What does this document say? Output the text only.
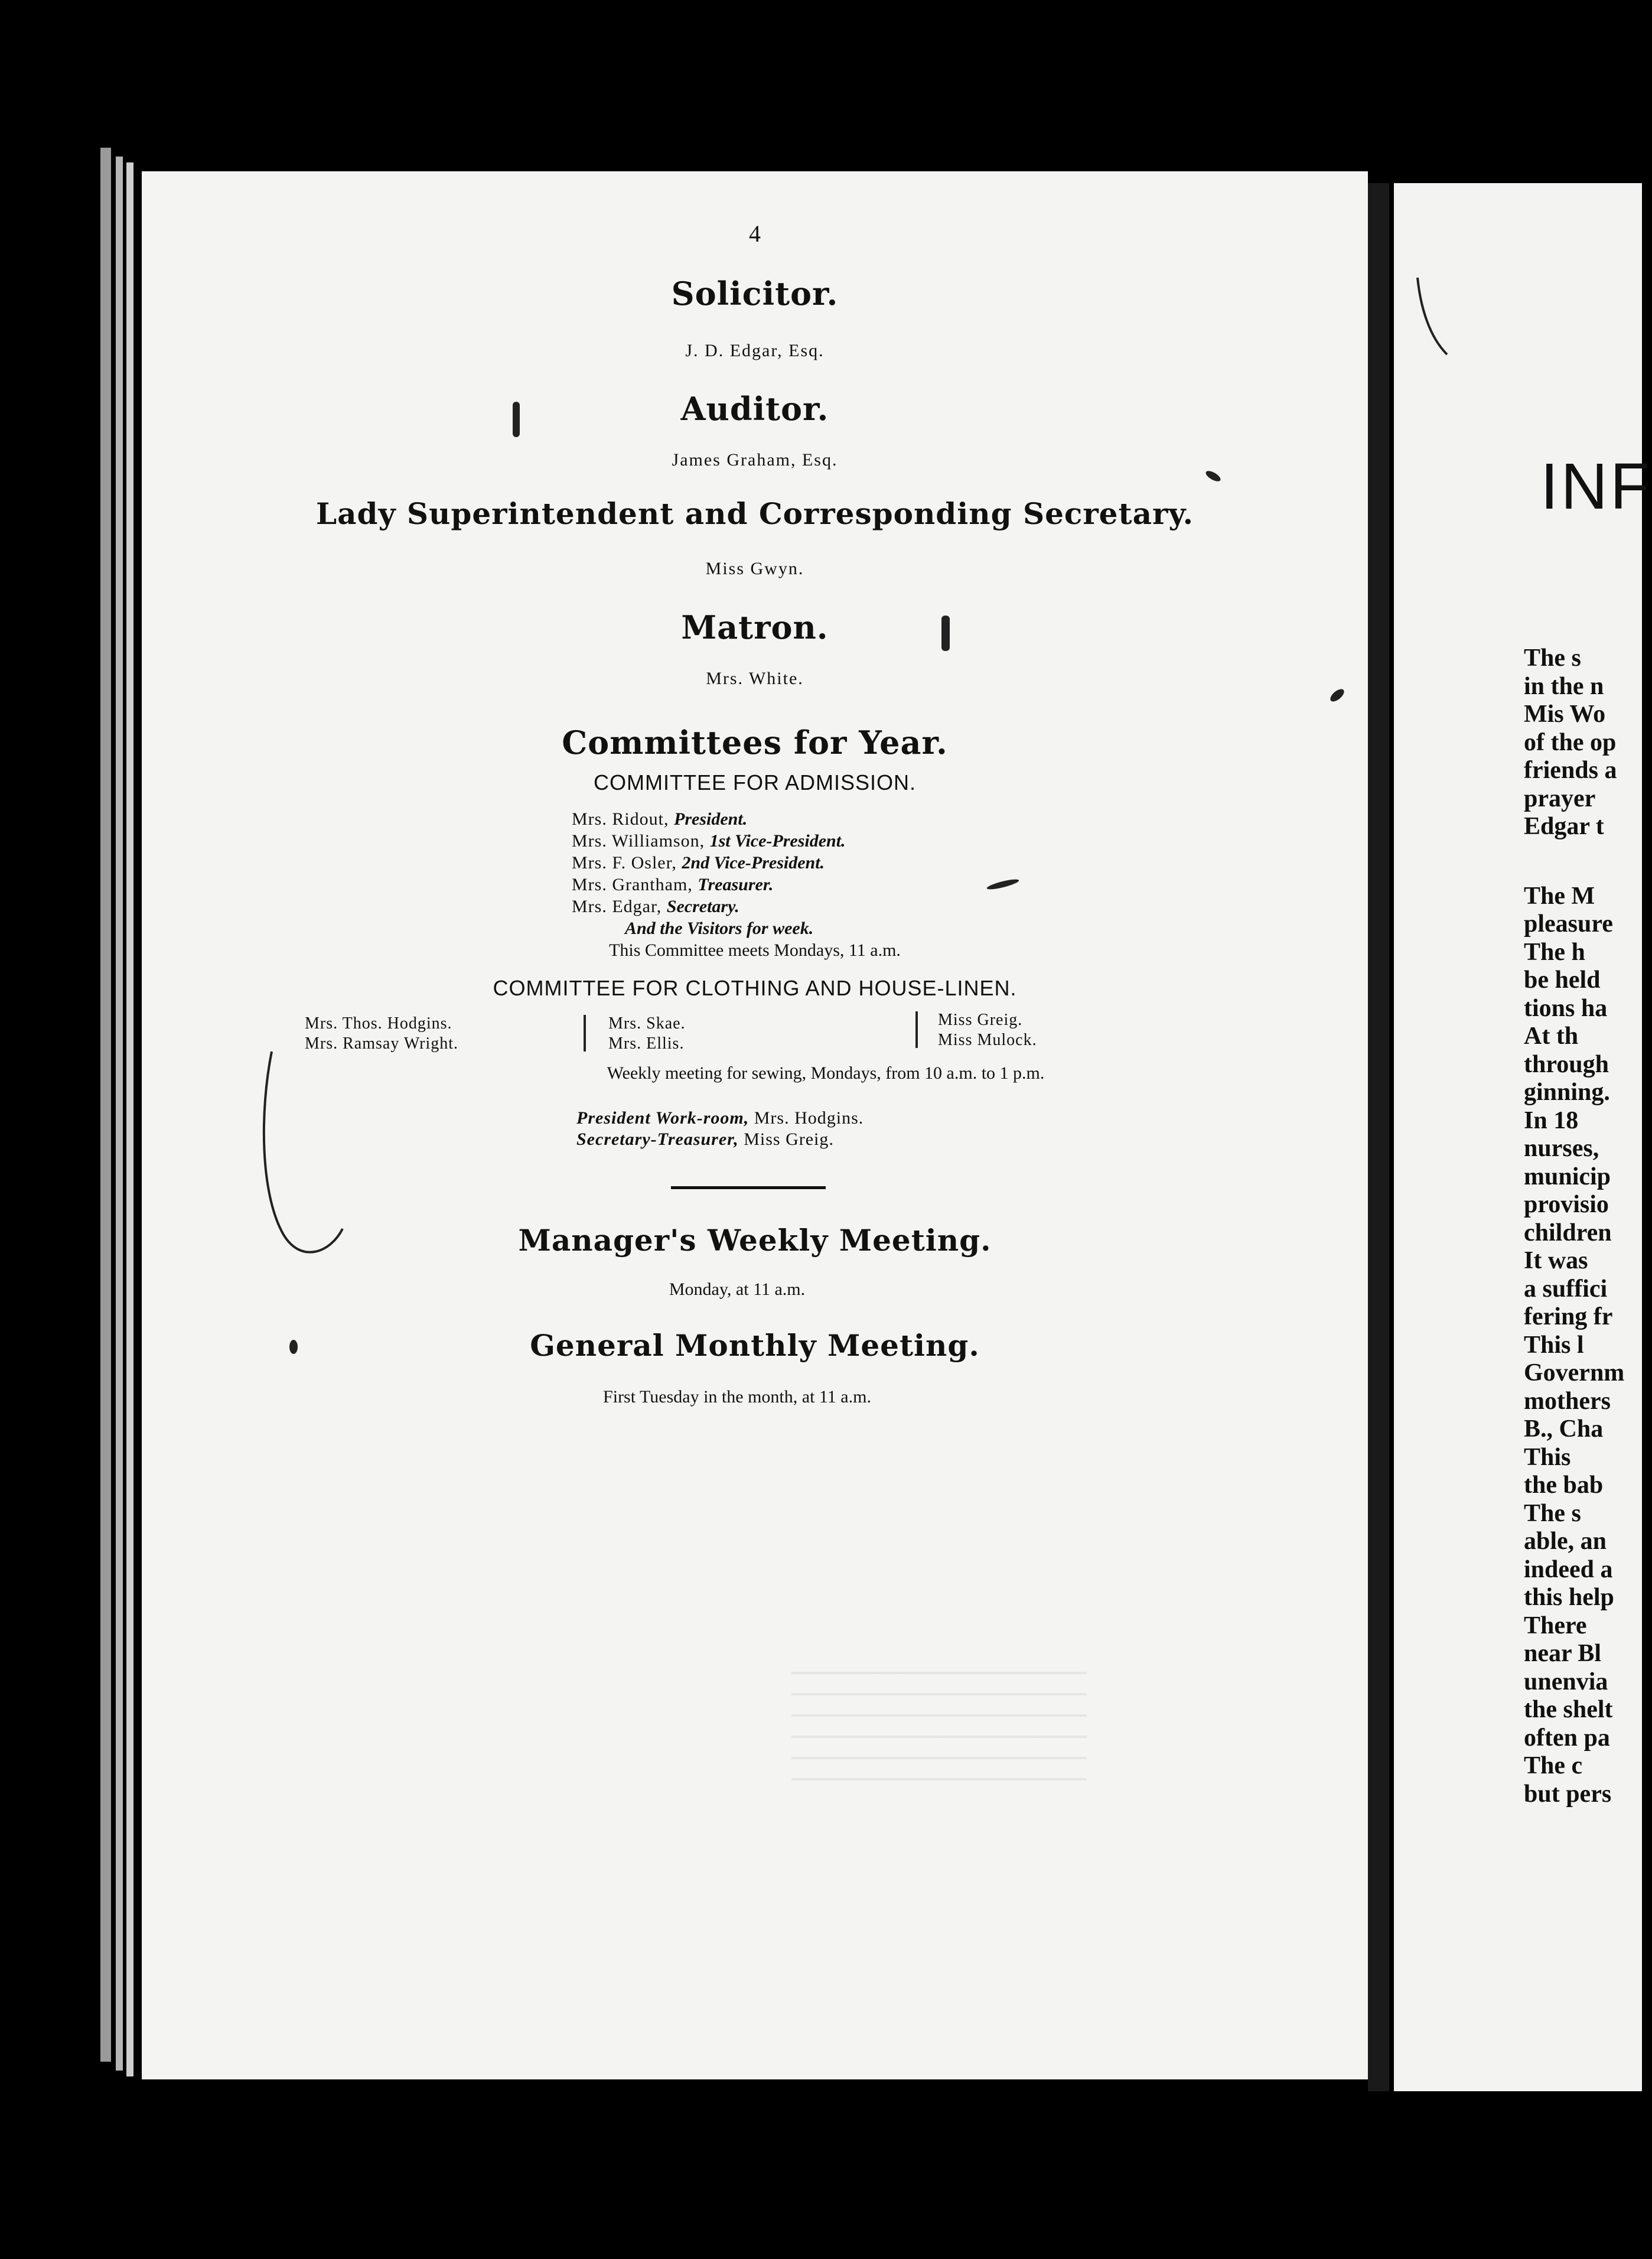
4
Solicitor.
J. D. Edgar, Esq.
Auditor.
James Graham, Esq.
Lady Superintendent and Corresponding Secretary.
Miss Gwyn.
Matron.
Mrs. White.
Committees for Year.
COMMITTEE FOR ADMISSION.
Mrs. Ridout, President.
Mrs. Williamson, 1st Vice-President.
Mrs. F. Osler, 2nd Vice-President.
Mrs. Grantham, Treasurer.
Mrs. Edgar, Secretary.
And the Visitors for week.
This Committee meets Mondays, 11 a.m.
COMMITTEE FOR CLOTHING AND HOUSE-LINEN.
Mrs. Thos. Hodgins.
Mrs. Ramsay Wright.
Mrs. Skae.
Mrs. Ellis.
Miss Greig.
Miss Mulock.
Weekly meeting for sewing, Mondays, from 10 a.m. to 1 p.m.
President Work-room, Mrs. Hodgins.
Secretary-Treasurer, Miss Greig.
Manager's Weekly Meeting.
Monday, at 11 a.m.
General Monthly Meeting.
First Tuesday in the month, at 11 a.m.
INF
The s
in the n
Mis Wo
of the op
friends a
prayer
Edgar t
The M
pleasure
The h
be held
tions ha
At th
through
ginning.
In 18
nurses,
municip
provisio
children
It was
a suffici
fering fr
This l
Governm
mothers
B., Cha
This
the bab
The s
able, an
indeed a
this help
There
near Bl
unenvia
the shelt
often pa
The c
but pers
